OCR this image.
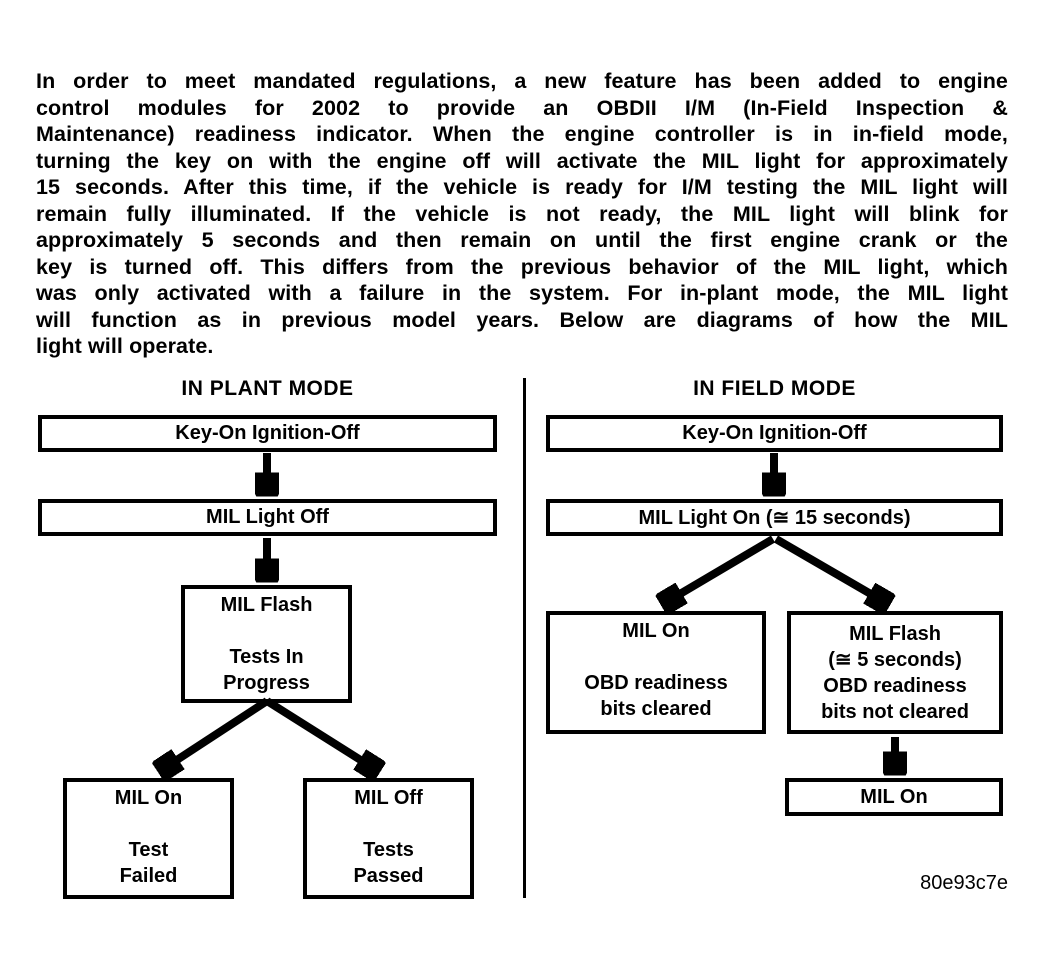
In order to meet mandated regulations, a new feature has been added to engine
control modules for 2002 to provide an OBDII I/M (In-Field Inspection &
Maintenance) readiness indicator. When the engine controller is in in-field mode,
turning the key on with the engine off will activate the MIL light for approximately
15 seconds. After this time, if the vehicle is ready for I/M testing the MIL light will
remain fully illuminated. If the vehicle is not ready, the MIL light will blink for
approximately 5 seconds and then remain on until the first engine crank or the
key is turned off. This differs from the previous behavior of the MIL light, which
was only activated with a failure in the system. For in-plant mode, the MIL light
will function as in previous model years. Below are diagrams of how the MIL
light will operate.
IN PLANT MODE
Key-On Ignition-Off
MIL Light Off
MIL Flash
Tests In
Progress
MIL On
Test
Failed
MIL Off
Tests
Passed
IN FIELD MODE
Key-On Ignition-Off
MIL Light On (≅ 15 seconds)
MIL On
OBD readiness
bits cleared
MIL Flash
(≅ 5 seconds)
OBD readiness
bits not cleared
MIL On
80e93c7e
